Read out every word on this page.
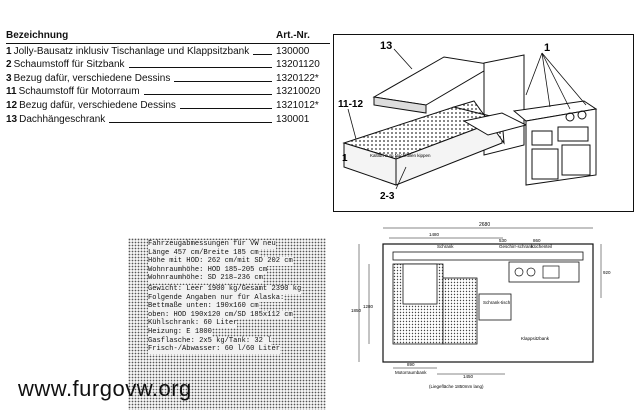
Bezeichnung	Art.-Nr.
1 Jolly-Bausatz inklusiv Tischanlage und Klappsitzbank	130000
2 Schaumstoff für Sitzbank	13201120
3 Bezug dafür, verschiedene Dessins	1320122*
11 Schaumstoff für Motorraum	13210020
12 Bezug dafür, verschiedene Dessins	1321012*
13 Dachhängeschrank	130001
13	1
11-12
1
2-3
Kaltluft zum Nachfüllen kippen
2680
1480
Schrank
530
Geschirr-schrank
860
Küchenteil
Schrank-tisch
920
1850
1280
Klappsitzbank
890
Motorraumbank
1450
(Liegefläche 1850mm lang)
Fahrzeugabmessungen für VW neu
Länge 457 cm/Breite 185 cm
Höhe mit HOD: 262 cm/mit SD 202 cm
Wohnraumhöhe: HOD 185–205 cm
Wohnraumhöhe: SD 218–236 cm
Gewicht: Leer 1900 kg/Gesamt 2390 kg  Folgende Angaben nur für Alaska:
Bettmaße unten: 190x160 cm
oben: HOD 190x120 cm/SD 185x112 cm
Kühlschrank: 60 Liter
Heizung: E 1800
Gasflasche: 2x5 kg/Tank: 32 l
Frisch-/Abwasser: 60 l/60 Liter
www.furgovw.org
